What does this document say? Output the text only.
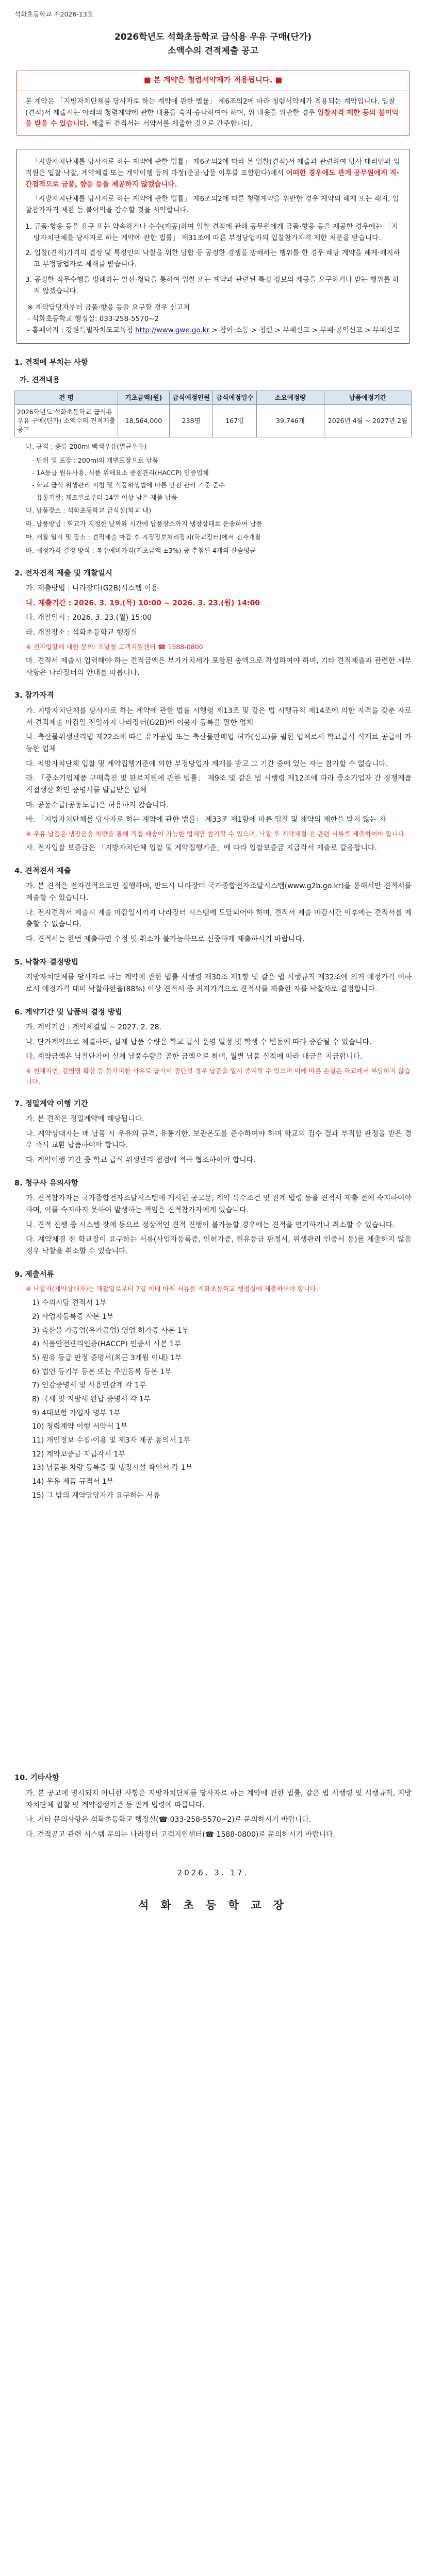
석화초등학교 제2026-13호
2026학년도 석화초등학교 급식용 우유 구매(단가)
소액수의 견적제출 공고
■ 본 계약은 청렴서약제가 적용됩니다. ■
본 계약은 「지방자치단체를 당사자로 하는 계약에 관한 법률」 제6조의2에 따라 청렴서약제가 적용되는 계약입니다. 입찰(견적)서 제출시는 아래의 청렴계약에 관한 내용을 숙지·승낙하여야 하며, 위 내용을 위반한 경우 입찰자격 제한 등의 불이익을 받을 수 있습니다. 제출된 견적서는 서약서를 제출한 것으로 간주합니다.

「지방자치단체를 당사자로 하는 계약에 관한 법률」 제6조의2에 따라 본 입찰(견적)서 제출과 관련하여 당사 대리인과 임직원은 입찰·낙찰, 계약체결 또는 계약이행 등의 과정(준공·납품 이후를 포함한다)에서 어떠한 경우에도 관계 공무원에게 직·간접적으로 금품, 향응 등을 제공하지 않겠습니다.

「지방자치단체를 당사자로 하는 계약에 관한 법률」 제6조의2에 따른 청렴계약을 위반한 경우 계약의 해제 또는 해지, 입찰참가자격 제한 등 불이익을 감수할 것을 서약합니다.

1. 금품·향응 등을 요구 또는 약속하거나 수수(제공)하여 입찰 견적에 관해 공무원에게 금품·향응 등을 제공한 경우에는 「지방자치단체를 당사자로 하는 계약에 관한 법률」 제31조에 따른 부정당업자의 입찰참가자격 제한 처분을 받습니다.
2. 입찰(견적)가격의 결정 및 특정인의 낙찰을 위한 담합 등 공정한 경쟁을 방해하는 행위를 한 경우 해당 계약을 해제·해지하고 부정당업자로 제재를 받습니다.
3. 공정한 직무수행을 방해하는 알선·청탁을 통하여 입찰 또는 계약과 관련된 특정 정보의 제공을 요구하거나 받는 행위를 하지 않겠습니다.
※ 계약담당자부터 금품·향응 등을 요구할 경우 신고처
- 석화초등학교 행정실: 033-258-5570~2
- 홈페이지 : 강원특별자치도교육청 http://www.gwe.go.kr > 참여·소통 > 청렴 > 부패신고 > 부패·공익신고 > 부패신고
1. 견적에 부치는 사항
가. 견적내용
건 명	기초금액(원)	급식예정인원	급식예정일수	소요예정량	납품예정기간
2026학년도 석화초등학교 급식용 우유 구매(단가) 소액수의 견적제출 공고	18,564,000	238명	167일	39,746개	2026년 4월 ~ 2027년 2월
나. 규격 : 종류 200ml 백색우유(멸균우유)
- 단위 및 포장 : 200ml의 개별포장으로 납품
- 1A등급 원유사용, 식품 위해요소 중점관리(HACCP) 인증업체
- 학교 급식 위생관리 지침 및 식품위생법에 따른 안전 관리 기준 준수
- 유통기한: 제조일로부터 14일 이상 남은 제품 납품
다. 납품장소 : 석화초등학교 급식실(학교 내)
라. 납품방법 : 학교가 지정한 날짜와 시간에 납품장소까지 냉장상태로 운송하여 납품
마. 개찰 일시 및 장소 : 견적제출 마감 후 지정정보처리장치(학교장터)에서 전자개찰
바. 예정가격 결정 방식 : 복수예비가격(기초금액 ±3%) 중 추첨된 4개의 산술평균
2. 전자견적 제출 및 개찰일시
가. 제출방법 : 나라장터(G2B)시스템 이용
나. 제출기간 : 2026. 3. 19.(목) 10:00 ~ 2026. 3. 23.(월) 14:00
다. 개찰일시 : 2026. 3. 23.(월) 15:00
라. 개찰장소 : 석화초등학교 행정실
※ 전자입찰에 대한 문의: 조달청 고객지원센터 ☎ 1588-0800
마. 견적서 제출시 입력해야 하는 견적금액은 부가가치세가 포함된 총액으로 작성하여야 하며, 기타 견적제출과 관련한 세부 사항은 나라장터의 안내를 따릅니다.
3. 참가자격
가. 지방자치단체를 당사자로 하는 계약에 관한 법률 시행령 제13조 및 같은 법 시행규칙 제14조에 의한 자격을 갖춘 자로서 견적제출 마감일 전일까지 나라장터(G2B)에 이용자 등록을 필한 업체
나. 축산물위생관리법 제22조에 따른 유가공업 또는 축산물판매업 허가(신고)를 필한 업체로서 학교급식 식재료 공급이 가능한 업체
다. 지방자치단체 입찰 및 계약집행기준에 의한 부정당업자 제재를 받고 그 기간 중에 있는 자는 참가할 수 없습니다.
라. 「중소기업제품 구매촉진 및 판로지원에 관한 법률」 제9조 및 같은 법 시행령 제12조에 따라 중소기업자 간 경쟁제품 직접생산 확인 증명서를 발급받은 업체
마. 공동수급(공동도급)은 허용하지 않습니다.
바. 「지방자치단체를 당사자로 하는 계약에 관한 법률」 제33조 제1항에 따른 입찰 및 계약의 제한을 받지 않는 자
※ 우유 납품은 냉장운송 차량을 통해 직접 배송이 가능한 업체만 참가할 수 있으며, 낙찰 후 계약체결 전 관련 서류를 제출하여야 합니다.
사. 전자입찰 보증금은 「지방자치단체 입찰 및 계약집행기준」에 따라 입찰보증금 지급각서 제출로 갈음합니다.
4. 견적견서 제출
가. 본 견적은 전자견적으로만 집행하며, 반드시 나라장터 국가종합전자조달시스템(www.g2b.go.kr)을 통해서만 견적서를 제출할 수 있습니다.
나. 전자견적서 제출시 제출 마감일시까지 나라장터 시스템에 도달되어야 하며, 견적서 제출 마감시간 이후에는 견적서를 제출할 수 없습니다.
다. 견적서는 한번 제출하면 수정 및 취소가 불가능하므로 신중하게 제출하시기 바랍니다.
5. 낙찰자 결정방법
지방자치단체를 당사자로 하는 계약에 관한 법률 시행령 제30조 제1항 및 같은 법 시행규칙 제32조에 의거 예정가격 이하로서 예정가격 대비 낙찰하한율(88%) 이상 견적서 중 최저가격으로 견적서를 제출한 자를 낙찰자로 결정합니다.
6. 계약기간 및 납품의 결정 방법
가. 계약기간 : 계약체결일 ~ 2027. 2. 28.
나. 단가계약으로 체결하며, 실제 납품 수량은 학교 급식 운영 일정 및 학생 수 변동에 따라 증감될 수 있습니다.
다. 계약금액은 낙찰단가에 실제 납품수량을 곱한 금액으로 하며, 월별 납품 실적에 따라 대금을 지급합니다.
※ 천재지변, 감염병 확산 등 불가피한 사유로 급식이 중단될 경우 납품을 일시 중지할 수 있으며 이에 따른 손실은 학교에서 부담하지 않습니다.
7. 정밀계약 이행 기간
가. 본 견적은 정밀계약에 해당됩니다.
나. 계약상대자는 매 납품 시 우유의 규격, 유통기한, 보관온도를 준수하여야 하며 학교의 검수 결과 부적합 판정을 받은 경우 즉시 교환 납품하여야 합니다.
다. 계약이행 기간 중 학교 급식 위생관리 점검에 적극 협조하여야 합니다.
8. 청구사 유의사항
가. 견적참가자는 국가종합전자조달시스템에 게시된 공고문, 계약 특수조건 및 관계 법령 등을 견적서 제출 전에 숙지하여야 하며, 이를 숙지하지 못하여 발생하는 책임은 견적참가자에게 있습니다.
나. 견적 진행 중 시스템 장애 등으로 정상적인 견적 진행이 불가능할 경우에는 견적을 연기하거나 취소할 수 있습니다.
다. 계약체결 전 학교장이 요구하는 서류(사업자등록증, 인허가증, 원유등급 판정서, 위생관리 인증서 등)를 제출하지 않을 경우 낙찰을 취소할 수 있습니다.
9. 제출서류
※ 낙찰자(계약상대자)는 개찰일로부터 7일 이내 아래 서류를 석화초등학교 행정실에 제출하여야 합니다.
1) 수의시담 견적서 1부
2) 사업자등록증 사본 1부
3) 축산물 가공업(유가공업) 영업 허가증 사본 1부
4) 식품안전관리인증(HACCP) 인증서 사본 1부
5) 원유 등급 판정 증명서(최근 3개월 이내) 1부
6) 법인 등기부 등본 또는 주민등록 등본 1부
7) 인감증명서 및 사용인감계 각 1부
8) 국세 및 지방세 완납 증명서 각 1부
9) 4대보험 가입자 명부 1부
10) 청렴계약 이행 서약서 1부
11) 개인정보 수집·이용 및 제3자 제공 동의서 1부
12) 계약보증금 지급각서 1부
13) 납품용 차량 등록증 및 냉장시설 확인서 각 1부
14) 우유 제품 규격서 1부
15) 그 밖의 계약담당자가 요구하는 서류
10. 기타사항
가. 본 공고에 명시되지 아니한 사항은 지방자치단체를 당사자로 하는 계약에 관한 법률, 같은 법 시행령 및 시행규칙, 지방자치단체 입찰 및 계약집행기준 등 관계 법령에 따릅니다.
나. 기타 문의사항은 석화초등학교 행정실(☎ 033-258-5570~2)로 문의하시기 바랍니다.
다. 견적공고 관련 시스템 문의는 나라장터 고객지원센터(☎ 1588-0800)로 문의하시기 바랍니다.
2026. 3. 17.
석 화 초 등 학 교 장
